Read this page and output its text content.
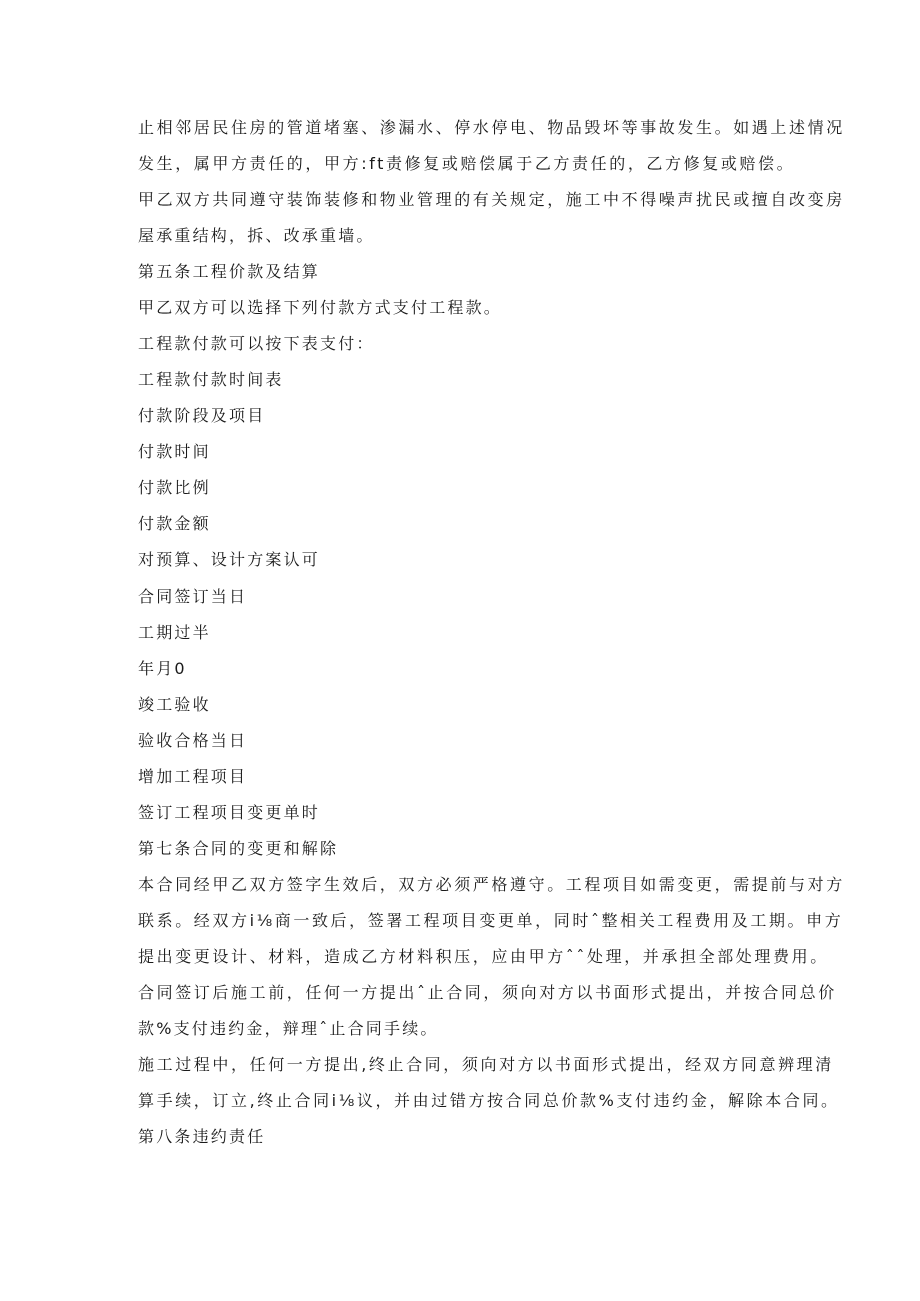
止相邻居民住房的管道堵塞、渗漏水、停水停电、物品毁坏等事故发生。如遇上述情况
发生，属甲方责任的，甲方:ft责修复或赔偿属于乙方责任的，乙方修复或赔偿。
甲乙双方共同遵守装饰装修和物业管理的有关规定，施工中不得噪声扰民或擅自改变房
屋承重结构，拆、改承重墙。
第五条工程价款及结算
甲乙双方可以选择下列付款方式支付工程款。
工程款付款可以按下表支付：
工程款付款时间表
付款阶段及项目
付款时间
付款比例
付款金额
对预算、设计方案认可
合同签订当日
工期过半
年月0
竣工验收
验收合格当日
增加工程项目
签订工程项目变更单时
第七条合同的变更和解除
本合同经甲乙双方签字生效后，双方必须严格遵守。工程项目如需变更，需提前与对方
联系。经双方i⅛商一致后，签署工程项目变更单，同时ˆ整相关工程费用及工期。申方
提出变更设计、材料，造成乙方材料积压，应由甲方ˆˆ处理，并承担全部处理费用。
合同签订后施工前，任何一方提出ˆ止合同，须向对方以书面形式提出，并按合同总价
款%支付违约金，辩理ˆ止合同手续。
施工过程中，任何一方提出,终止合同，须向对方以书面形式提出，经双方同意辨理清
算手续，订立,终止合同i⅛议，并由过错方按合同总价款%支付违约金，解除本合同。
第八条违约责任
